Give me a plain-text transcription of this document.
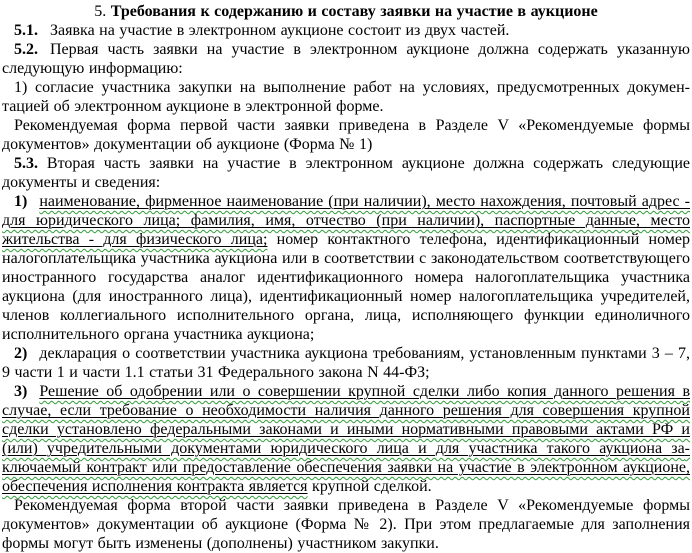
5. Требования к содержанию и составу заявки на участие в аукционе

5.1. Заявка на участие в электронном аукционе состоит из двух частей.

5.2. Первая часть заявки на участие в электронном аукционе должна содержать указанную следующую информацию:

1) согласие участника закупки на выполнение работ на условиях, предусмотренных документацией об электронном аукционе в электронной форме.

Рекомендуемая форма первой части заявки приведена в Разделе V «Рекомендуемые формы документов» документации об аукционе (Форма № 1)

5.3. Вторая часть заявки на участие в электронном аукционе должна содержать следующие документы и сведения:

1) наименование, фирменное наименование (при наличии), место нахождения, почтовый адрес - для юридического лица; фамилия, имя, отчество (при наличии), паспортные данные, место жительства - для физического лица; номер контактного телефона, идентификационный номер налогоплательщика участника аукциона или в соответствии с законодательством соответствующего иностранного государства аналог идентификационного номера налогоплательщика участника аукциона (для иностранного лица), идентификационный номер налогоплательщика учредителей, членов коллегиального исполнительного органа, лица, исполняющего функции единоличного исполнительного органа участника аукциона;

2) декларация о соответствии участника аукциона требованиям, установленным пунктами 3 – 7, 9 части 1 и части 1.1 статьи 31 Федерального закона N 44-ФЗ;

3) Решение об одобрении или о совершении крупной сделки либо копия данного решения в случае, если требование о необходимости наличия данного решения для совершения крупной сделки установлено федеральными законами и иными нормативными правовыми актами РФ и (или) учредительными документами юридического лица и для участника такого аукциона заключаемый контракт или предоставление обеспечения заявки на участие в электронном аукционе, обеспечения исполнения контракта является крупной сделкой.

Рекомендуемая форма второй части заявки приведена в Разделе V «Рекомендуемые формы документов» документации об аукционе (Форма № 2). При этом предлагаемые для заполнения формы могут быть изменены (дополнены) участником закупки.
